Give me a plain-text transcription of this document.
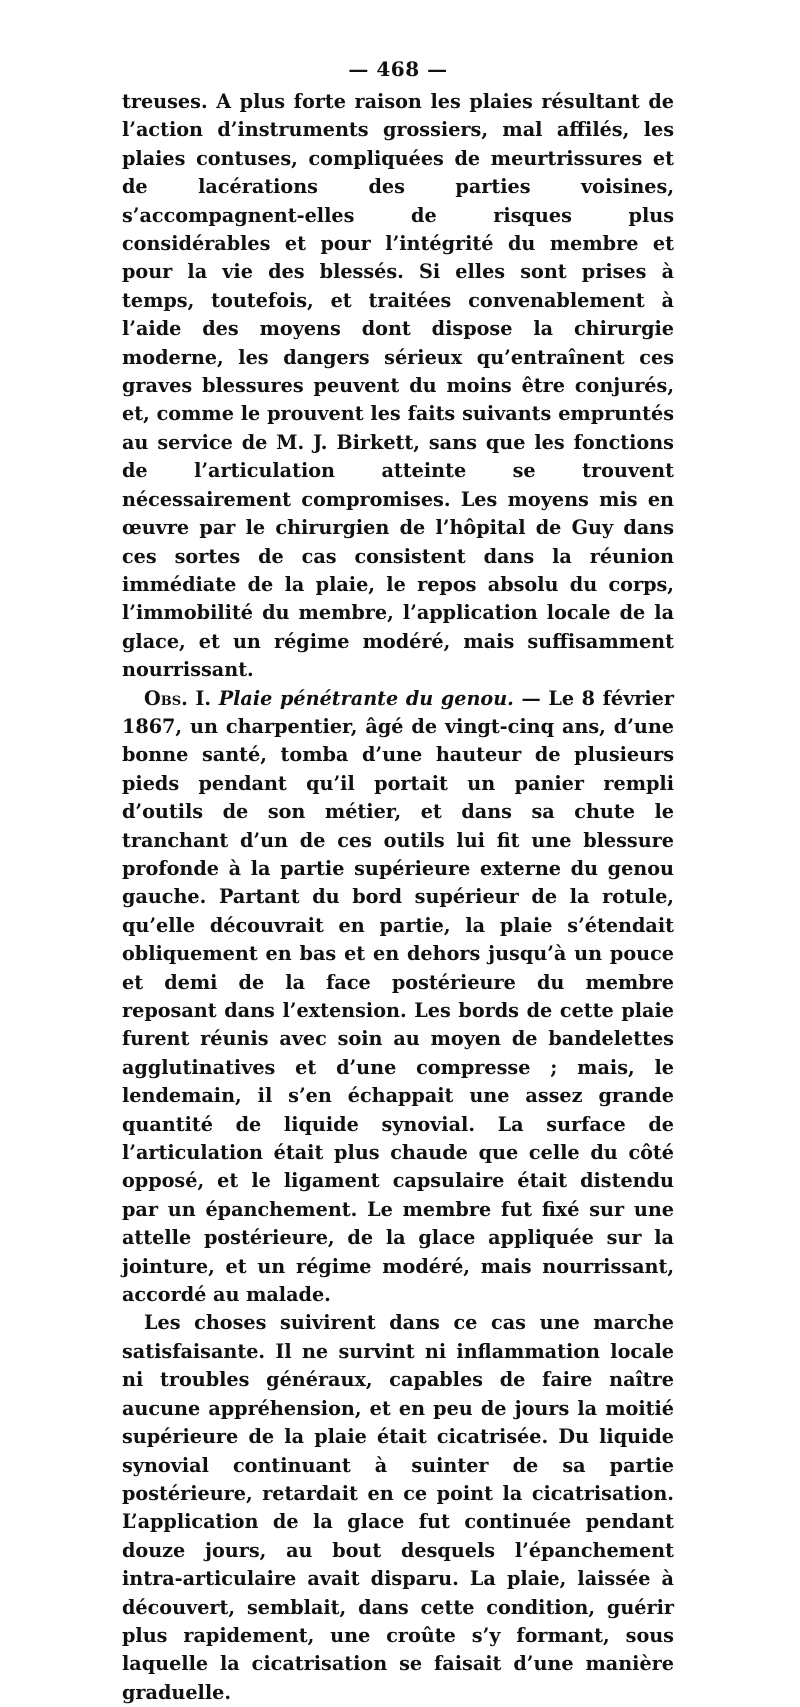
— 468 —

treuses. A plus forte raison les plaies résultant de l’action d’instruments grossiers, mal affilés, les plaies contuses, compliquées de meurtrissures et de lacérations des parties voisines, s’accompagnent-elles de risques plus considérables et pour l’intégrité du membre et pour la vie des blessés. Si elles sont prises à temps, toutefois, et traitées convenablement à l’aide des moyens dont dispose la chirurgie moderne, les dangers sérieux qu’entraînent ces graves blessures peuvent du moins être conjurés, et, comme le prouvent les faits suivants empruntés au service de M. J. Birkett, sans que les fonctions de l’articulation atteinte se trouvent nécessairement compromises. Les moyens mis en œuvre par le chirurgien de l’hôpital de Guy dans ces sortes de cas consistent dans la réunion immédiate de la plaie, le repos absolu du corps, l’immobilité du membre, l’application locale de la glace, et un régime modéré, mais suffisamment nourrissant.

Obs. I. Plaie pénétrante du genou. — Le 8 février 1867, un charpentier, âgé de vingt-cinq ans, d’une bonne santé, tomba d’une hauteur de plusieurs pieds pendant qu’il portait un panier rempli d’outils de son métier, et dans sa chute le tranchant d’un de ces outils lui fit une blessure profonde à la partie supérieure externe du genou gauche. Partant du bord supérieur de la rotule, qu’elle découvrait en partie, la plaie s’étendait obliquement en bas et en dehors jusqu’à un pouce et demi de la face postérieure du membre reposant dans l’extension. Les bords de cette plaie furent réunis avec soin au moyen de bandelettes agglutinatives et d’une compresse ; mais, le lendemain, il s’en échappait une assez grande quantité de liquide synovial. La surface de l’articulation était plus chaude que celle du côté opposé, et le ligament capsulaire était distendu par un épanchement. Le membre fut fixé sur une attelle postérieure, de la glace appliquée sur la jointure, et un régime modéré, mais nourrissant, accordé au malade.

Les choses suivirent dans ce cas une marche satisfaisante. Il ne survint ni inflammation locale ni troubles généraux, capables de faire naître aucune appréhension, et en peu de jours la moitié supérieure de la plaie était cicatrisée. Du liquide synovial continuant à suinter de sa partie postérieure, retardait en ce point la cicatrisation. L’application de la glace fut continuée pendant douze jours, au bout desquels l’épanchement intra-articulaire avait disparu. La plaie, laissée à découvert, semblait, dans cette condition, guérir plus rapidement, une croûte s’y formant, sous laquelle la cicatrisation se faisait d’une manière graduelle.
